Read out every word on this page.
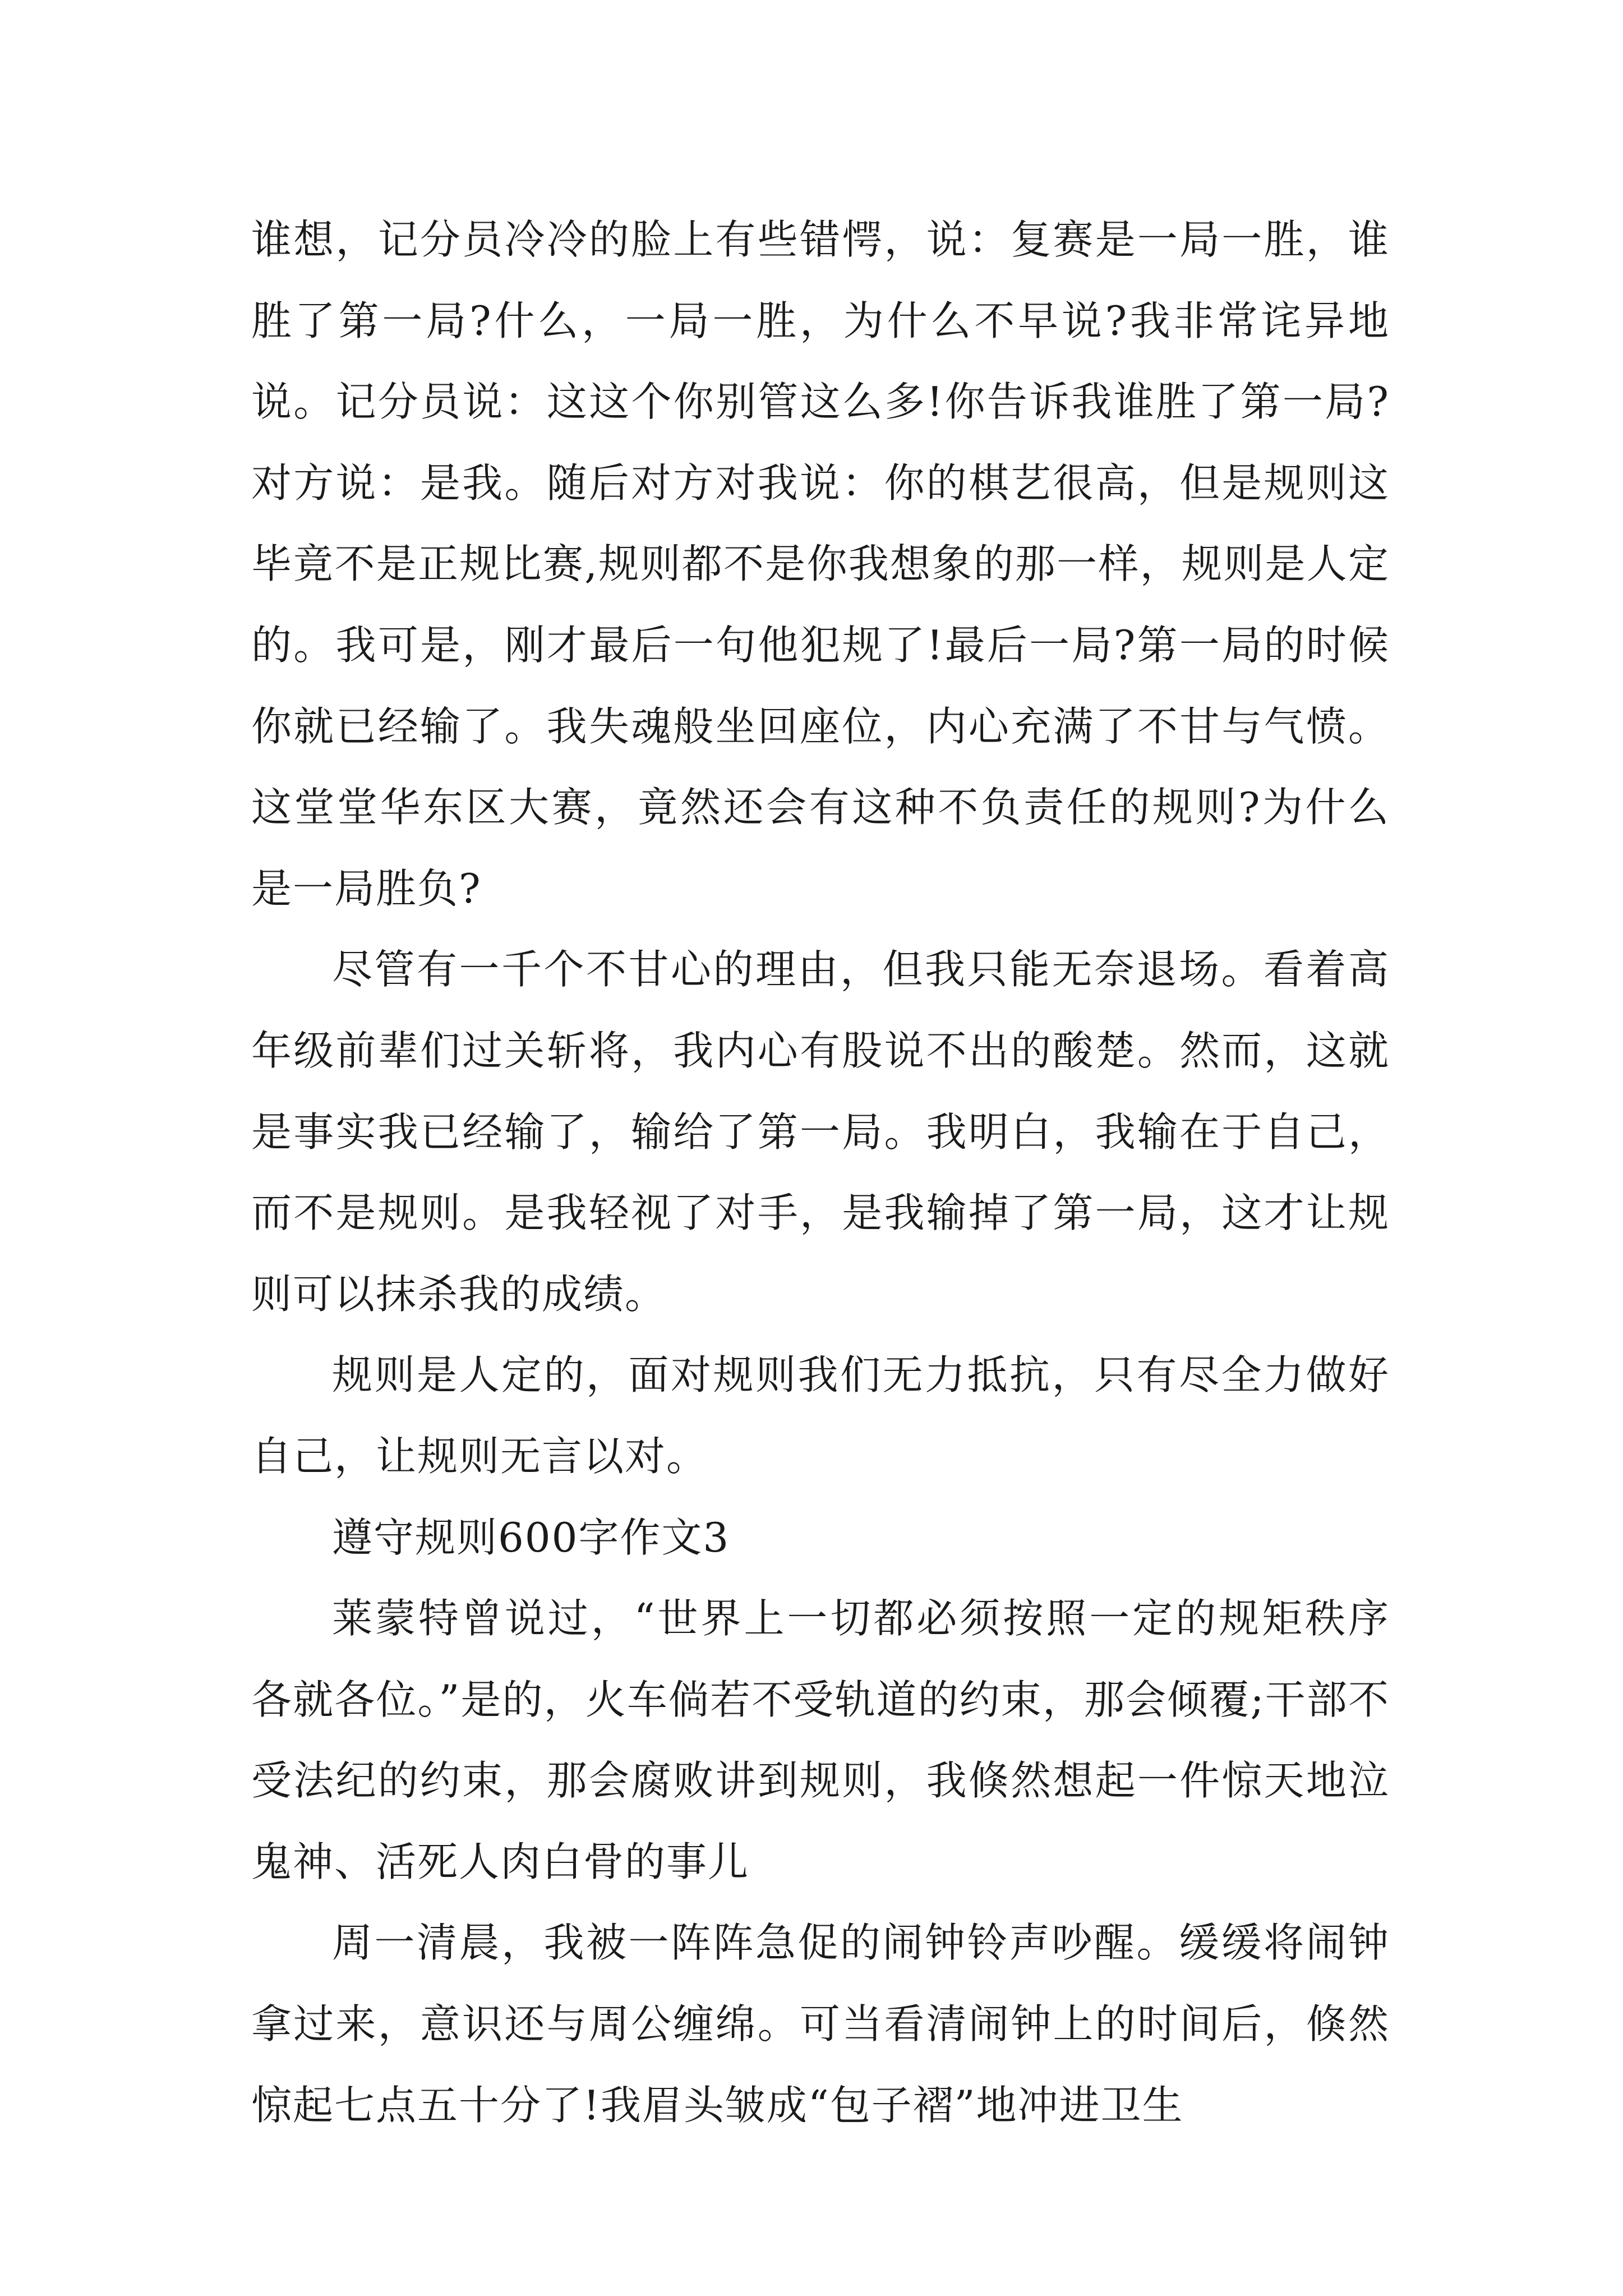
谁想，记分员冷冷的脸上有些错愕，说：复赛是一局一胜，谁胜了第一局?什么，一局一胜，为什么不早说?我非常诧异地说。记分员说：这这个你别管这么多!你告诉我谁胜了第一局?对方说：是我。随后对方对我说：你的棋艺很高，但是规则这毕竟不是正规比赛,规则都不是你我想象的那一样，规则是人定的。我可是，刚才最后一句他犯规了!最后一局?第一局的时候你就已经输了。我失魂般坐回座位，内心充满了不甘与气愤。这堂堂华东区大赛，竟然还会有这种不负责任的规则?为什么是一局胜负?

尽管有一千个不甘心的理由，但我只能无奈退场。看着高年级前辈们过关斩将，我内心有股说不出的酸楚。然而，这就是事实我已经输了，输给了第一局。我明白，我输在于自己，而不是规则。是我轻视了对手，是我输掉了第一局，这才让规则可以抹杀我的成绩。

规则是人定的，面对规则我们无力抵抗，只有尽全力做好自己，让规则无言以对。

遵守规则600字作文3

莱蒙特曾说过，“世界上一切都必须按照一定的规矩秩序各就各位。”是的，火车倘若不受轨道的约束，那会倾覆;干部不受法纪的约束，那会腐败讲到规则，我倏然想起一件惊天地泣鬼神、活死人肉白骨的事儿

周一清晨，我被一阵阵急促的闹钟铃声吵醒。缓缓将闹钟拿过来，意识还与周公缠绵。可当看清闹钟上的时间后，倏然惊起七点五十分了!我眉头皱成“包子褶”地冲进卫生
